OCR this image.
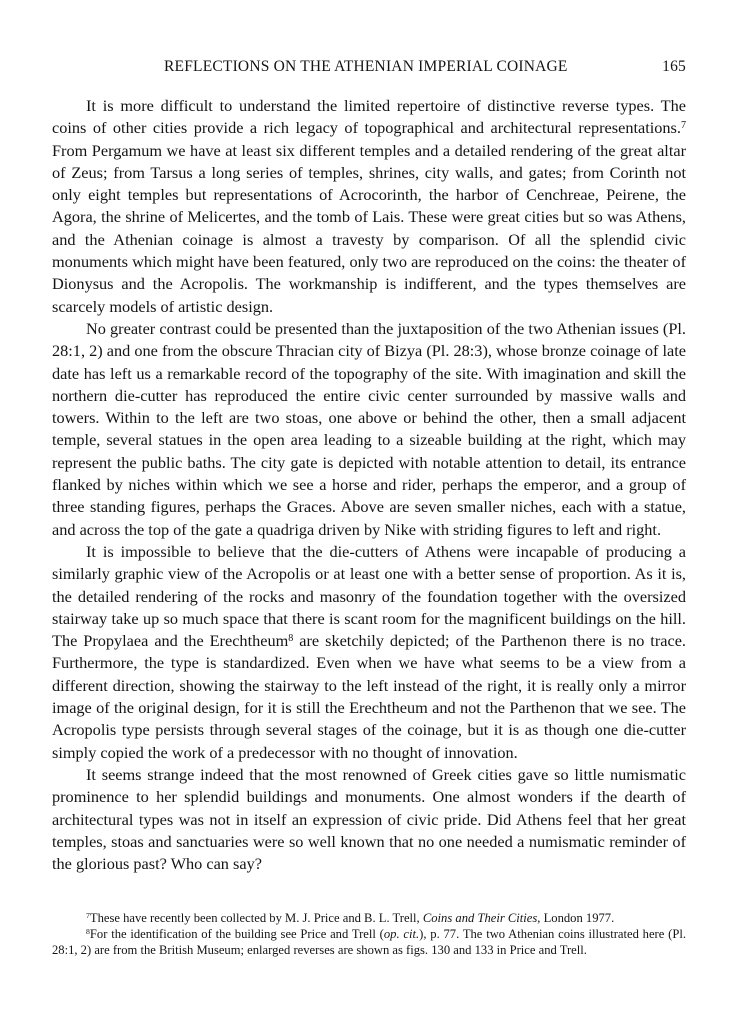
REFLECTIONS ON THE ATHENIAN IMPERIAL COINAGE	165

It is more difficult to understand the limited repertoire of distinctive reverse types. The coins of other cities provide a rich legacy of topographical and architectural representations.$^7$ From Pergamum we have at least six different temples and a detailed rendering of the great altar of Zeus; from Tarsus a long series of temples, shrines, city walls, and gates; from Corinth not only eight temples but representations of Acrocorinth, the harbor of Cenchreae, Peirene, the Agora, the shrine of Melicertes, and the tomb of Lais. These were great cities but so was Athens, and the Athenian coinage is almost a travesty by comparison. Of all the splendid civic monuments which might have been featured, only two are reproduced on the coins: the theater of Dionysus and the Acropolis. The workmanship is indifferent, and the types themselves are scarcely models of artistic design.

No greater contrast could be presented than the juxtaposition of the two Athenian issues (Pl. 28:1, 2) and one from the obscure Thracian city of Bizya (Pl. 28:3), whose bronze coinage of late date has left us a remarkable record of the topography of the site. With imagination and skill the northern die-cutter has reproduced the entire civic center surrounded by massive walls and towers. Within to the left are two stoas, one above or behind the other, then a small adjacent temple, several statues in the open area leading to a sizeable building at the right, which may represent the public baths. The city gate is depicted with notable attention to detail, its entrance flanked by niches within which we see a horse and rider, perhaps the emperor, and a group of three standing figures, perhaps the Graces. Above are seven smaller niches, each with a statue, and across the top of the gate a quadriga driven by Nike with striding figures to left and right.

It is impossible to believe that the die-cutters of Athens were incapable of producing a similarly graphic view of the Acropolis or at least one with a better sense of proportion. As it is, the detailed rendering of the rocks and masonry of the foundation together with the oversized stairway take up so much space that there is scant room for the magnificent buildings on the hill. The Propylaea and the Erechtheum$^8$ are sketchily depicted; of the Parthenon there is no trace. Furthermore, the type is standardized. Even when we have what seems to be a view from a different direction, showing the stairway to the left instead of the right, it is really only a mirror image of the original design, for it is still the Erechtheum and not the Parthenon that we see. The Acropolis type persists through several stages of the coinage, but it is as though one die-cutter simply copied the work of a predecessor with no thought of innovation.

It seems strange indeed that the most renowned of Greek cities gave so little numismatic prominence to her splendid buildings and monuments. One almost wonders if the dearth of architectural types was not in itself an expression of civic pride. Did Athens feel that her great temples, stoas and sanctuaries were so well known that no one needed a numismatic reminder of the glorious past? Who can say?

$^7$These have recently been collected by M. J. Price and B. L. Trell, Coins and Their Cities, London 1977.

$^8$For the identification of the building see Price and Trell (op. cit.), p. 77. The two Athenian coins illustrated here (Pl. 28:1, 2) are from the British Museum; enlarged reverses are shown as figs. 130 and 133 in Price and Trell.
